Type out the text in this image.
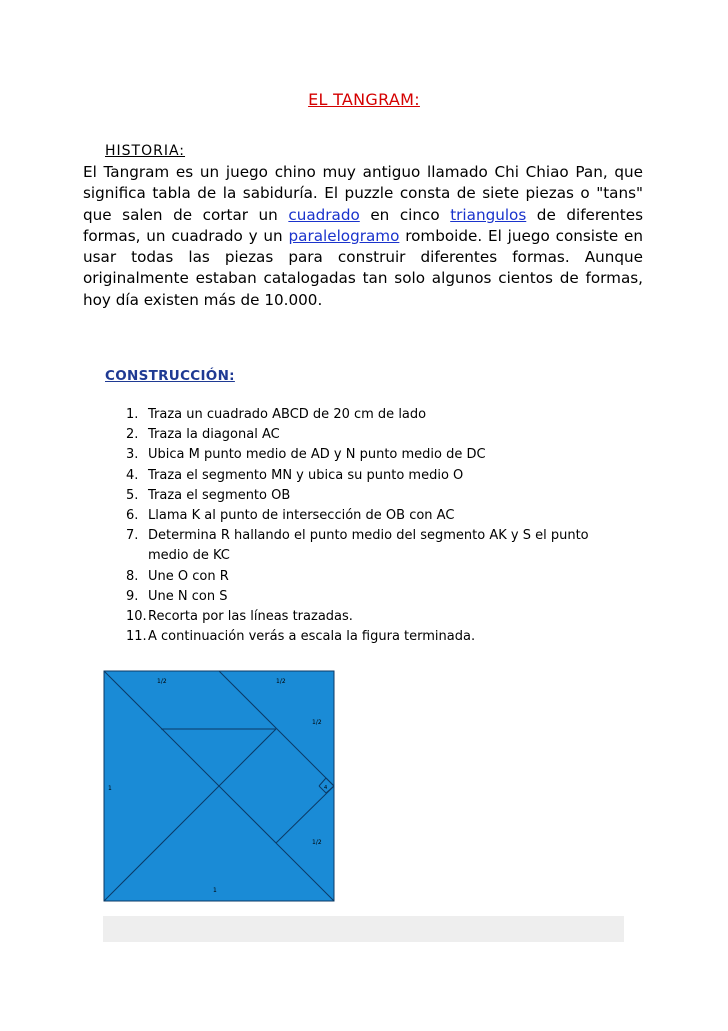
EL TANGRAM:
HISTORIA:
El Tangram es un juego chino muy antiguo llamado Chi Chiao Pan, que significa tabla de la sabiduría. El puzzle consta de siete piezas o "tans" que salen de cortar un cuadrado en cinco triangulos de diferentes formas, un cuadrado y un paralelogramo romboide. El juego consiste en usar todas las piezas para construir diferentes formas. Aunque originalmente estaban catalogadas tan solo algunos cientos de formas, hoy día existen más de 10.000.
CONSTRUCCIÓN:
1. Traza un cuadrado ABCD de 20 cm de lado
2. Traza la diagonal AC
3. Ubica M punto medio de AD y N punto medio de DC
4. Traza el segmento MN y ubica su punto medio O
5. Traza el segmento OB
6. Llama K al punto de intersección de OB con AC
7. Determina R hallando el punto medio del segmento AK y S el punto medio de KC
8. Une O con R
9. Une N con S
10. Recorta por las líneas trazadas.
11. A continuación verás a escala la figura terminada.
1/2	1/2
1/2
1	4
1/2
1
